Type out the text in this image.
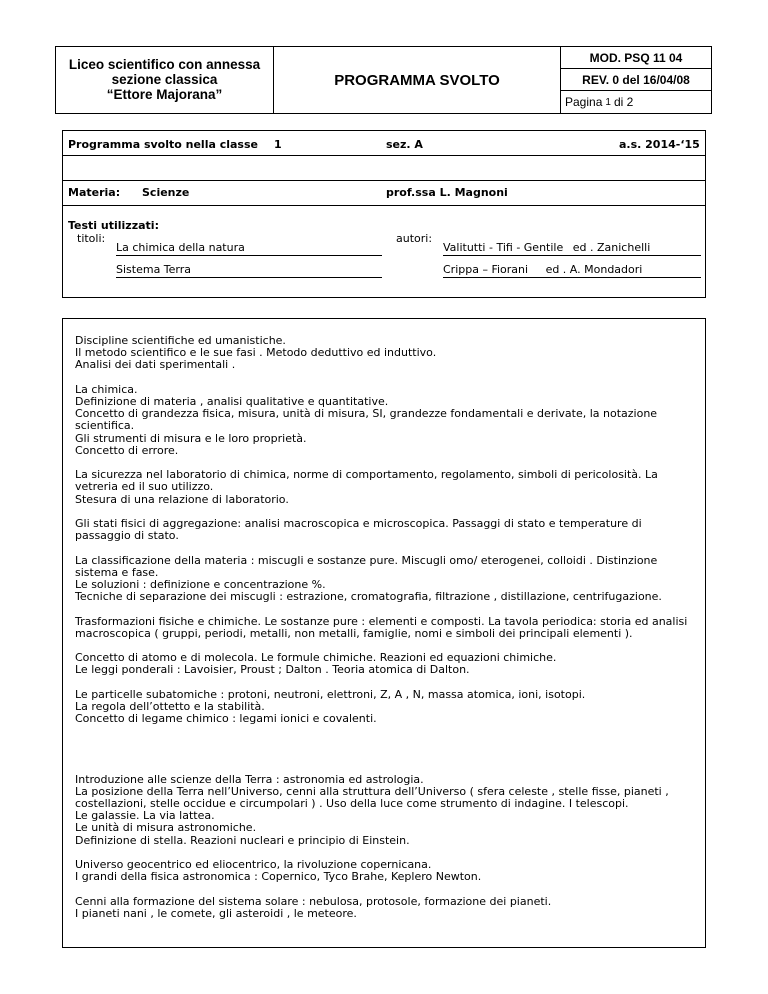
Liceo scientifico con annessa
sezione classica
“Ettore Majorana”
PROGRAMMA SVOLTO
MOD. PSQ 11 04
REV. 0 del 16/04/08
Pagina 1 di 2
Programma svolto nella classe 1	sez. A	a.s. 2014-‘15
Materia: Scienze	prof.ssa L. Magnoni
Testi utilizzati:
titoli:	autori:
La chimica della natura	Valitutti - Tifi - Gentile ed . Zanichelli
Sistema Terra	Crippa – Fiorani ed . A. Mondadori
Discipline scientifiche ed umanistiche.
Il metodo scientifico e le sue fasi . Metodo deduttivo ed induttivo.
Analisi dei dati sperimentali .
La chimica.
Definizione di materia , analisi qualitative e quantitative.
Concetto di grandezza fisica, misura, unità di misura, SI, grandezze fondamentali e derivate, la notazione scientifica.
Gli strumenti di misura e le loro proprietà.
Concetto di errore.
La sicurezza nel laboratorio di chimica, norme di comportamento, regolamento, simboli di pericolosità. La vetreria ed il suo utilizzo.
Stesura di una relazione di laboratorio.
Gli stati fisici di aggregazione: analisi macroscopica e microscopica. Passaggi di stato e temperature di passaggio di stato.
La classificazione della materia : miscugli e sostanze pure. Miscugli omo/ eterogenei, colloidi . Distinzione sistema e fase.
Le soluzioni : definizione e concentrazione %.
Tecniche di separazione dei miscugli : estrazione, cromatografia, filtrazione , distillazione, centrifugazione.
Trasformazioni fisiche e chimiche. Le sostanze pure : elementi e composti. La tavola periodica: storia ed analisi macroscopica ( gruppi, periodi, metalli, non metalli, famiglie, nomi e simboli dei principali elementi ).
Concetto di atomo e di molecola. Le formule chimiche. Reazioni ed equazioni chimiche.
Le leggi ponderali : Lavoisier, Proust ; Dalton . Teoria atomica di Dalton.
Le particelle subatomiche : protoni, neutroni, elettroni, Z, A , N, massa atomica, ioni, isotopi.
La regola dell’ottetto e la stabilità.
Concetto di legame chimico : legami ionici e covalenti.
Introduzione alle scienze della Terra : astronomia ed astrologia.
La posizione della Terra nell’Universo, cenni alla struttura dell’Universo ( sfera celeste , stelle fisse, pianeti , costellazioni, stelle occidue e circumpolari ) . Uso della luce come strumento di indagine. I telescopi.
Le galassie. La via lattea.
Le unità di misura astronomiche.
Definizione di stella. Reazioni nucleari e principio di Einstein.
Universo geocentrico ed eliocentrico, la rivoluzione copernicana.
I grandi della fisica astronomica : Copernico, Tyco Brahe, Keplero Newton.
Cenni alla formazione del sistema solare : nebulosa, protosole, formazione dei pianeti.
I pianeti nani , le comete, gli asteroidi , le meteore.
